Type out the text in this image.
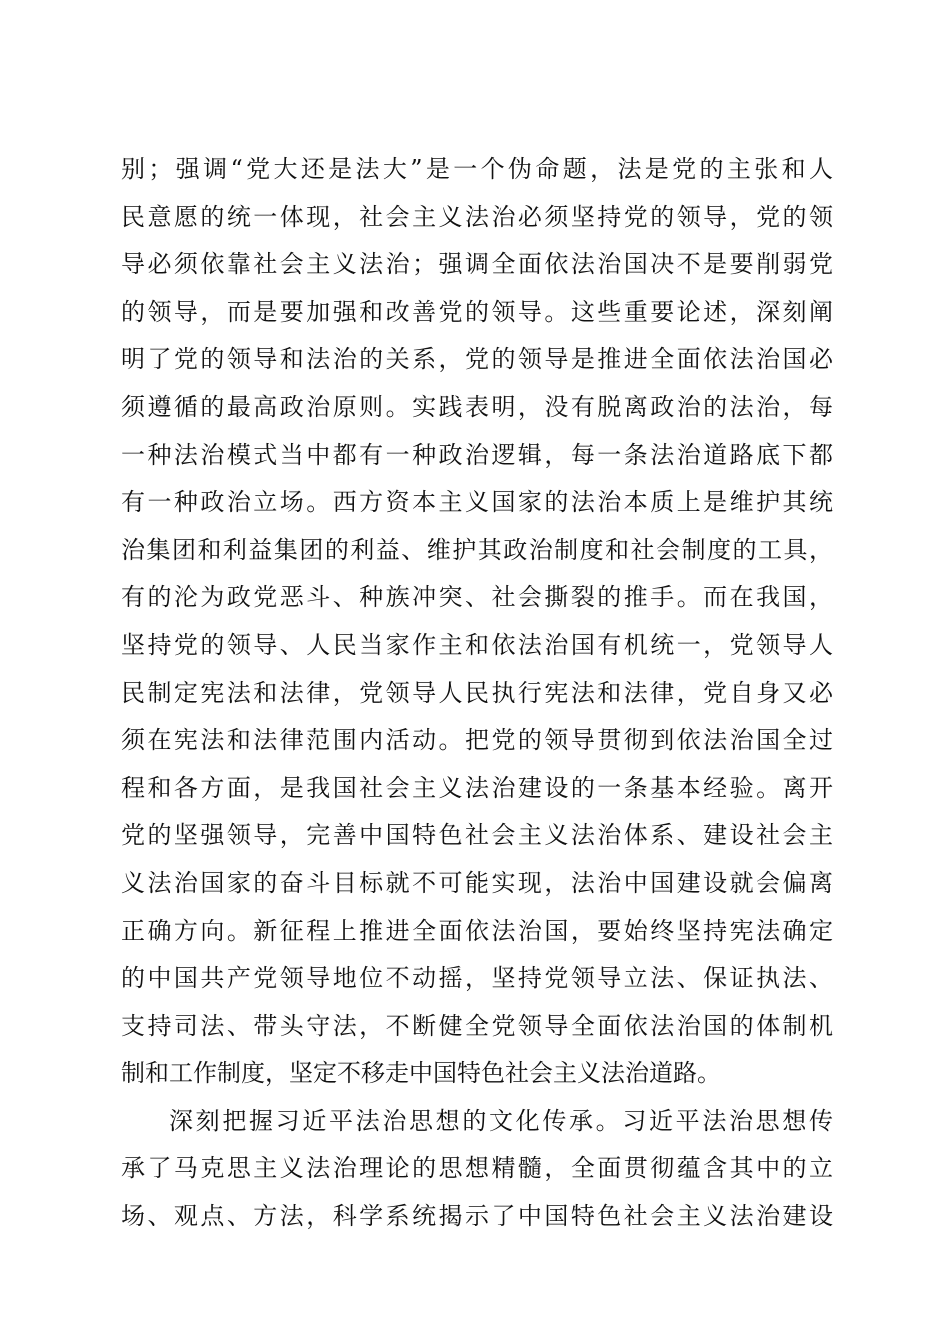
别；强调“党大还是法大”是一个伪命题，法是党的主张和人
民意愿的统一体现，社会主义法治必须坚持党的领导，党的领
导必须依靠社会主义法治；强调全面依法治国决不是要削弱党
的领导，而是要加强和改善党的领导。这些重要论述，深刻阐
明了党的领导和法治的关系，党的领导是推进全面依法治国必
须遵循的最高政治原则。实践表明，没有脱离政治的法治，每
一种法治模式当中都有一种政治逻辑，每一条法治道路底下都
有一种政治立场。西方资本主义国家的法治本质上是维护其统
治集团和利益集团的利益、维护其政治制度和社会制度的工具，
有的沦为政党恶斗、种族冲突、社会撕裂的推手。而在我国，
坚持党的领导、人民当家作主和依法治国有机统一，党领导人
民制定宪法和法律，党领导人民执行宪法和法律，党自身又必
须在宪法和法律范围内活动。把党的领导贯彻到依法治国全过
程和各方面，是我国社会主义法治建设的一条基本经验。离开
党的坚强领导，完善中国特色社会主义法治体系、建设社会主
义法治国家的奋斗目标就不可能实现，法治中国建设就会偏离
正确方向。新征程上推进全面依法治国，要始终坚持宪法确定
的中国共产党领导地位不动摇，坚持党领导立法、保证执法、
支持司法、带头守法，不断健全党领导全面依法治国的体制机
制和工作制度，坚定不移走中国特色社会主义法治道路。
深刻把握习近平法治思想的文化传承。习近平法治思想传
承了马克思主义法治理论的思想精髓，全面贯彻蕴含其中的立
场、观点、方法，科学系统揭示了中国特色社会主义法治建设
